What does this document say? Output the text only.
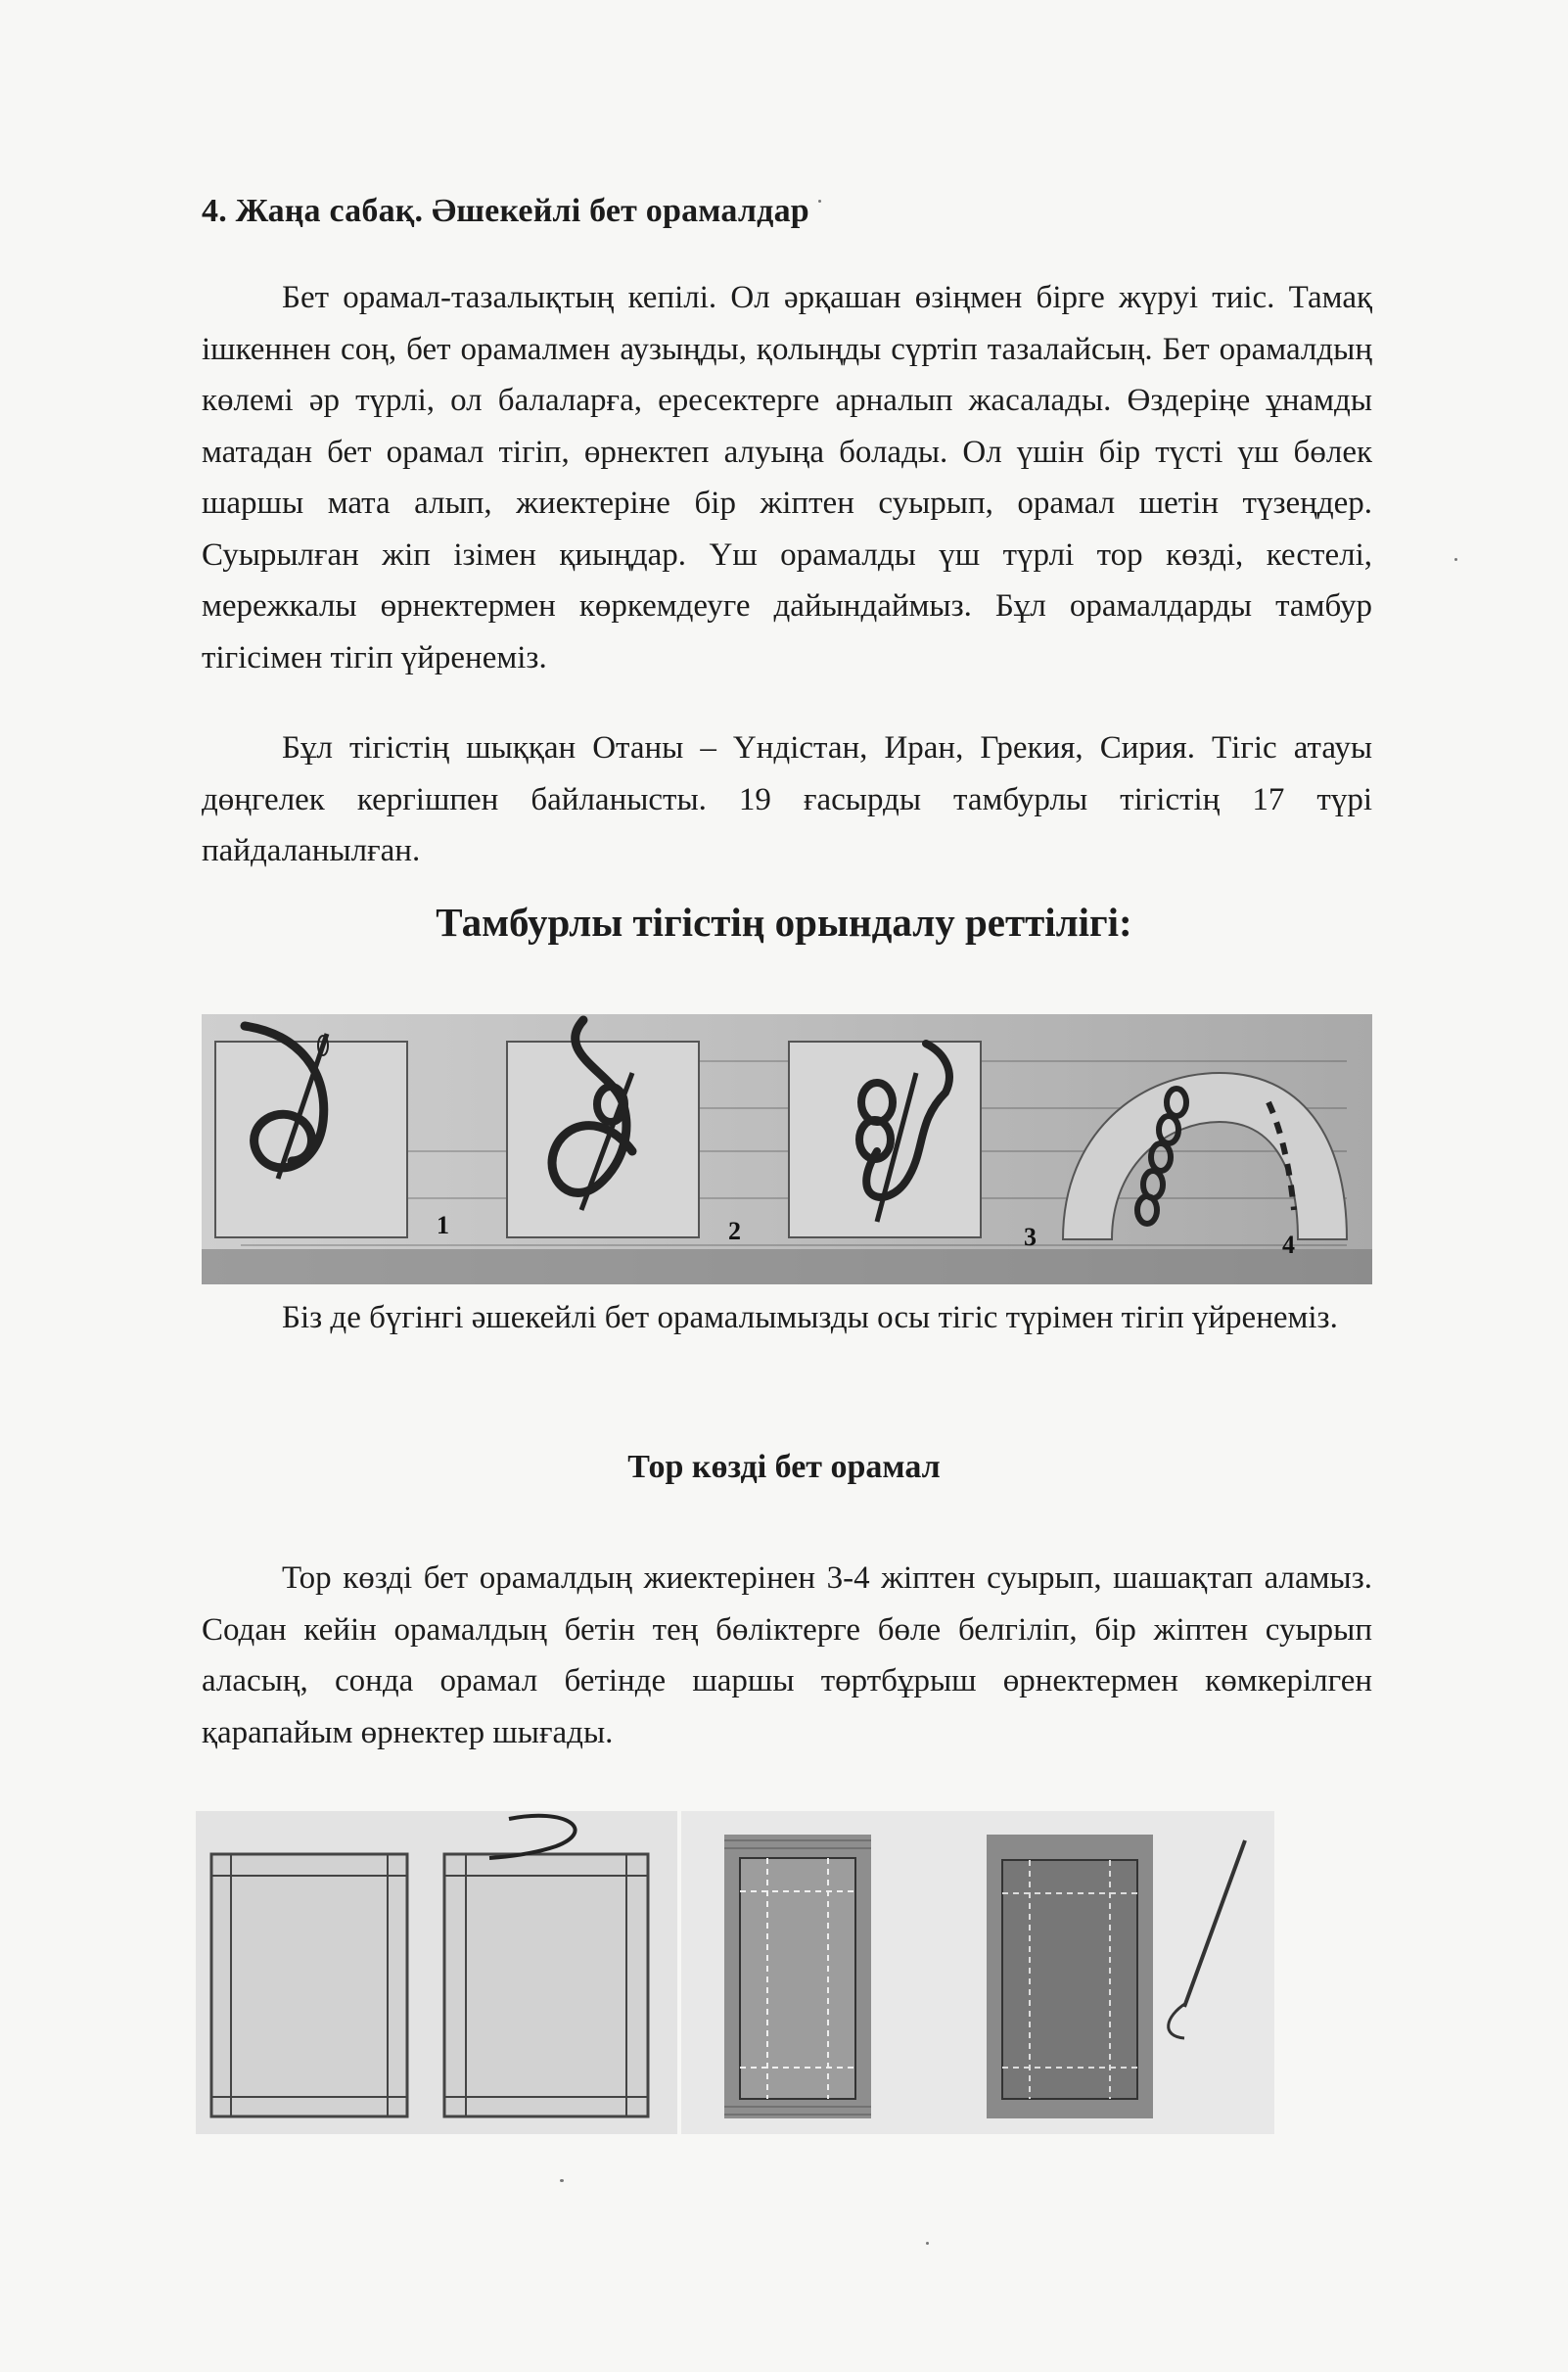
4. Жаңа сабақ. Әшекейлі бет орамалдар

Бет орамал-тазалықтың кепілі. Ол әрқашан өзіңмен бірге жүруі тиіс. Тамақ ішкеннен соң, бет орамалмен аузыңды, қолыңды сүртіп тазалайсың. Бет орамалдың көлемі әр түрлі, ол балаларға, ересектерге арналып жасалады. Өздеріңе ұнамды матадан бет орамал тігіп, өрнектеп алуыңа болады. Ол үшін бір түсті үш бөлек шаршы мата алып, жиектеріне бір жіптен суырып, орамал шетін түзеңдер. Суырылған жіп ізімен қиыңдар. Үш орамалды үш түрлі тор көзді, кестелі, мережкалы өрнектермен көркемдеуге дайындаймыз. Бұл орамалдарды тамбур тігісімен тігіп үйренеміз.

Бұл тігістің шыққан Отаны – Үндістан, Иран, Грекия, Сирия. Тігіс атауы дөңгелек кергішпен байланысты. 19 ғасырды тамбурлы тігістің 17 түрі пайдаланылған.

Тамбурлы тігістің орындалу реттілігі:
1	2	3	4

Біз де бүгінгі әшекейлі бет орамалымызды осы тігіс түрімен тігіп үйренеміз.

Тор көзді бет орамал

Тор көзді бет орамалдың жиектерінен 3-4 жіптен суырып, шашақтап аламыз. Содан кейін орамалдың бетін тең бөліктерге бөле белгіліп, бір жіптен суырып аласың, сонда орамал бетінде шаршы төртбұрыш өрнектермен көмкерілген қарапайым өрнектер шығады.
